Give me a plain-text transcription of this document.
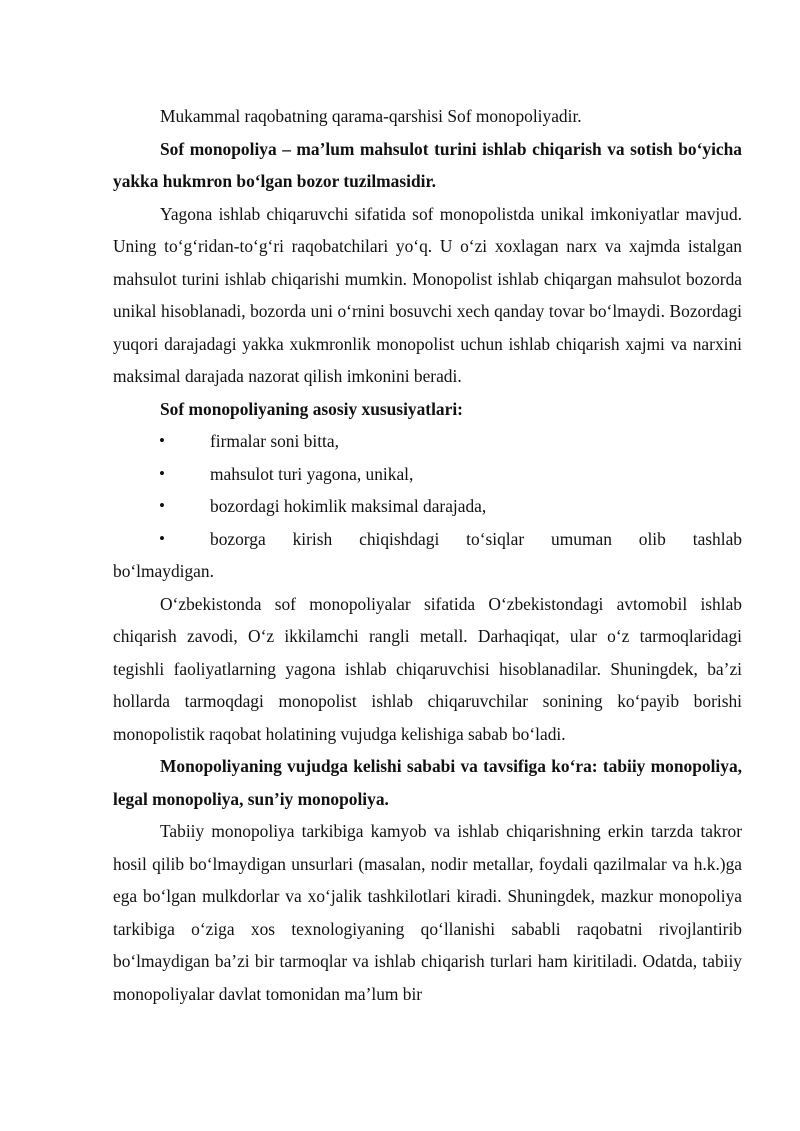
Mukammal raqobatning qarama-qarshisi Sof monopoliyadir.

Sof monopoliya – ma’lum mahsulot turini ishlab chiqarish va sotish bo‘yicha yakka hukmron bo‘lgan bozor tuzilmasidir.

Yagona ishlab chiqaruvchi sifatida sof monopolistda unikal imkoniyatlar mavjud. Uning to‘g‘ridan-to‘g‘ri raqobatchilari yo‘q. U o‘zi xoxlagan narx va xajmda istalgan mahsulot turini ishlab chiqarishi mumkin. Monopolist ishlab chiqargan mahsulot bozorda unikal hisoblanadi, bozorda uni o‘rnini bosuvchi xech qanday tovar bo‘lmaydi. Bozordagi yuqori darajadagi yakka xukmronlik monopolist uchun ishlab chiqarish xajmi va narxini maksimal darajada nazorat qilish imkonini beradi.

Sof monopoliyaning asosiy xususiyatlari:

•	firmalar soni bitta,
•	mahsulot turi yagona, unikal,
•	bozordagi hokimlik maksimal darajada,
•	bozorga kirish chiqishdagi to‘siqlar umuman olib tashlab

bo‘lmaydigan.

O‘zbekistonda sof monopoliyalar sifatida O‘zbekistondagi avtomobil ishlab chiqarish zavodi, O‘z ikkilamchi rangli metall. Darhaqiqat, ular o‘z tarmoqlaridagi tegishli faoliyatlarning yagona ishlab chiqaruvchisi hisoblanadilar. Shuningdek, ba’zi hollarda tarmoqdagi monopolist ishlab chiqaruvchilar sonining ko‘payib borishi monopolistik raqobat holatining vujudga kelishiga sabab bo‘ladi.

Monopoliyaning vujudga kelishi sababi va tavsifiga ko‘ra: tabiiy monopoliya, legal monopoliya, sun’iy monopoliya.

Tabiiy monopoliya tarkibiga kamyob va ishlab chiqarishning erkin tarzda takror hosil qilib bo‘lmaydigan unsurlari (masalan, nodir metallar, foydali qazilmalar va h.k.)ga ega bo‘lgan mulkdorlar va xo‘jalik tashkilotlari kiradi. Shuningdek, mazkur monopoliya tarkibiga o‘ziga xos texnologiyaning qo‘llanishi sababli raqobatni rivojlantirib bo‘lmaydigan ba’zi bir tarmoqlar va ishlab chiqarish turlari ham kiritiladi. Odatda, tabiiy monopoliyalar davlat tomonidan ma’lum bir
